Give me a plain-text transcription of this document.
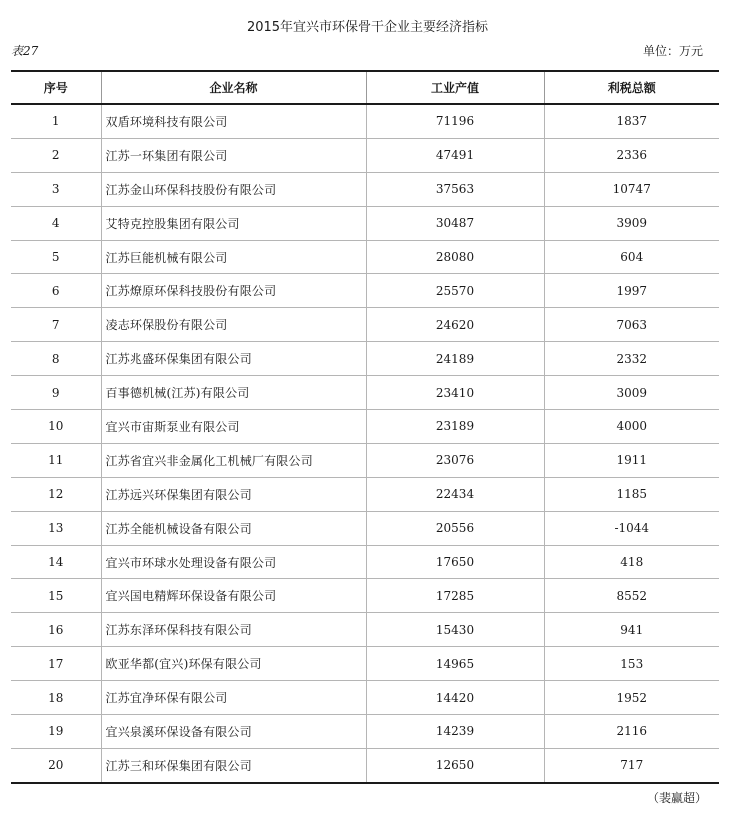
2015年宜兴市环保骨干企业主要经济指标
表27	单位：万元
序号	企业名称	工业产值	利税总额
1	双盾环境科技有限公司	71196	1837
2	江苏一环集团有限公司	47491	2336
3	江苏金山环保科技股份有限公司	37563	10747
4	艾特克控股集团有限公司	30487	3909
5	江苏巨能机械有限公司	28080	604
6	江苏燎原环保科技股份有限公司	25570	1997
7	凌志环保股份有限公司	24620	7063
8	江苏兆盛环保集团有限公司	24189	2332
9	百事德机械(江苏)有限公司	23410	3009
10	宜兴市宙斯泵业有限公司	23189	4000
11	江苏省宜兴非金属化工机械厂有限公司	23076	1911
12	江苏远兴环保集团有限公司	22434	1185
13	江苏全能机械设备有限公司	20556	-1044
14	宜兴市环球水处理设备有限公司	17650	418
15	宜兴国电精辉环保设备有限公司	17285	8552
16	江苏东泽环保科技有限公司	15430	941
17	欧亚华都(宜兴)环保有限公司	14965	153
18	江苏宜净环保有限公司	14420	1952
19	宜兴泉溪环保设备有限公司	14239	2116
20	江苏三和环保集团有限公司	12650	717
（裴赢超）
